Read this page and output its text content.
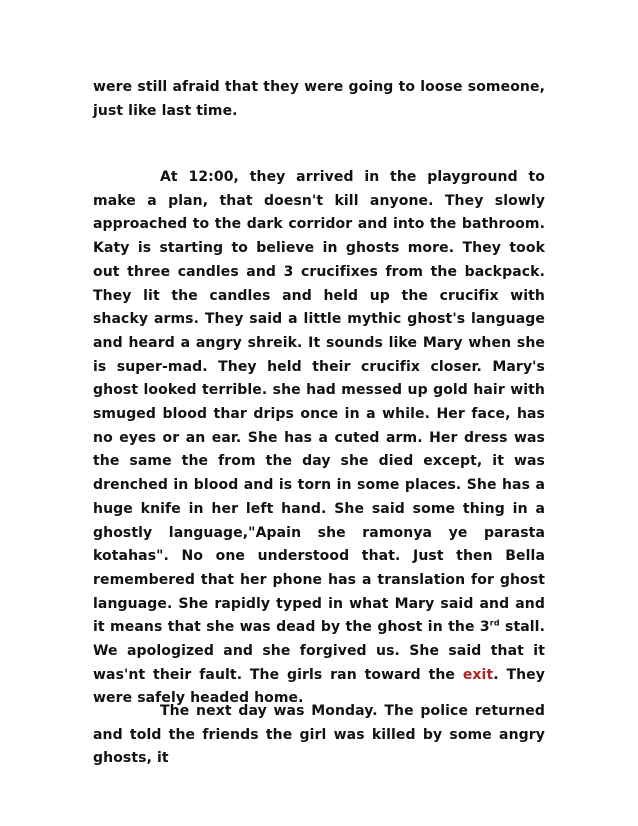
were still afraid that they were going to loose someone, just like last time.

At 12:00, they arrived in the playground to make a plan, that doesn't kill anyone. They slowly approached to the dark corridor and into the bathroom. Katy is starting to believe in ghosts more. They took out three candles and 3 crucifixes from the backpack. They lit the candles and held up the crucifix with shacky arms. They said a little mythic ghost's language and heard a angry shreik. It sounds like Mary when she is super-mad. They held their crucifix closer. Mary's ghost looked terrible. she had messed up gold hair with smuged blood thar drips once in a while. Her face, has no eyes or an ear. She has a cuted arm. Her dress was the same the from the day she died except, it was drenched in blood and is torn in some places. She has a huge knife in her left hand. She said some thing in a ghostly language,"Apain she ramonya ye parasta kotahas". No one understood that. Just then Bella remembered that her phone has a translation for ghost language. She rapidly typed in what Mary said and and it means that she was dead by the ghost in the 3rd stall. We apologized and she forgived us. She said that it was'nt their fault. The girls ran toward the exit. They were safely headed home.

The next day was Monday. The police returned and told the friends the girl was killed by some angry ghosts, it
